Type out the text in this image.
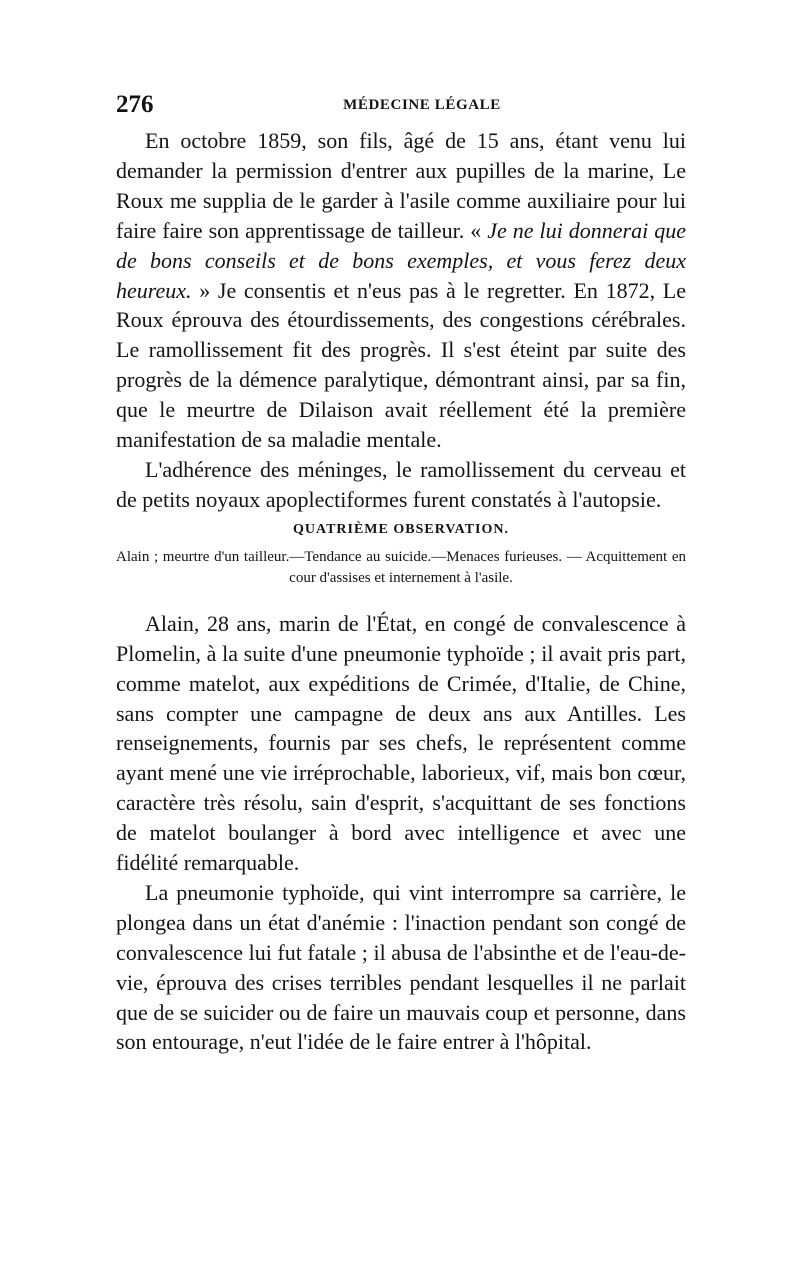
276	MÉDECINE LÉGALE

En octobre 1859, son fils, âgé de 15 ans, étant venu lui demander la permission d'entrer aux pupilles de la marine, Le Roux me supplia de le garder à l'asile comme auxiliaire pour lui faire faire son apprentissage de tailleur. « Je ne lui donnerai que de bons conseils et de bons exemples, et vous ferez deux heureux. » Je consentis et n'eus pas à le regretter. En 1872, Le Roux éprouva des étourdissements, des congestions cérébrales. Le ramollissement fit des progrès. Il s'est éteint par suite des progrès de la démence paralytique, démontrant ainsi, par sa fin, que le meurtre de Dilaison avait réellement été la première manifestation de sa maladie mentale.

L'adhérence des méninges, le ramollissement du cerveau et de petits noyaux apoplectiformes furent constatés à l'autopsie.

QUATRIÈME OBSERVATION.

Alain ; meurtre d'un tailleur.—Tendance au suicide.—Menaces furieuses. — Acquittement en cour d'assises et internement à l'asile.

Alain, 28 ans, marin de l'État, en congé de convalescence à Plomelin, à la suite d'une pneumonie typhoïde ; il avait pris part, comme matelot, aux expéditions de Crimée, d'Italie, de Chine, sans compter une campagne de deux ans aux Antilles. Les renseignements, fournis par ses chefs, le représentent comme ayant mené une vie irréprochable, laborieux, vif, mais bon cœur, caractère très résolu, sain d'esprit, s'acquittant de ses fonctions de matelot boulanger à bord avec intelligence et avec une fidélité remarquable.

La pneumonie typhoïde, qui vint interrompre sa carrière, le plongea dans un état d'anémie : l'inaction pendant son congé de convalescence lui fut fatale ; il abusa de l'absinthe et de l'eau-de-vie, éprouva des crises terribles pendant lesquelles il ne parlait que de se suicider ou de faire un mauvais coup et personne, dans son entourage, n'eut l'idée de le faire entrer à l'hôpital.
